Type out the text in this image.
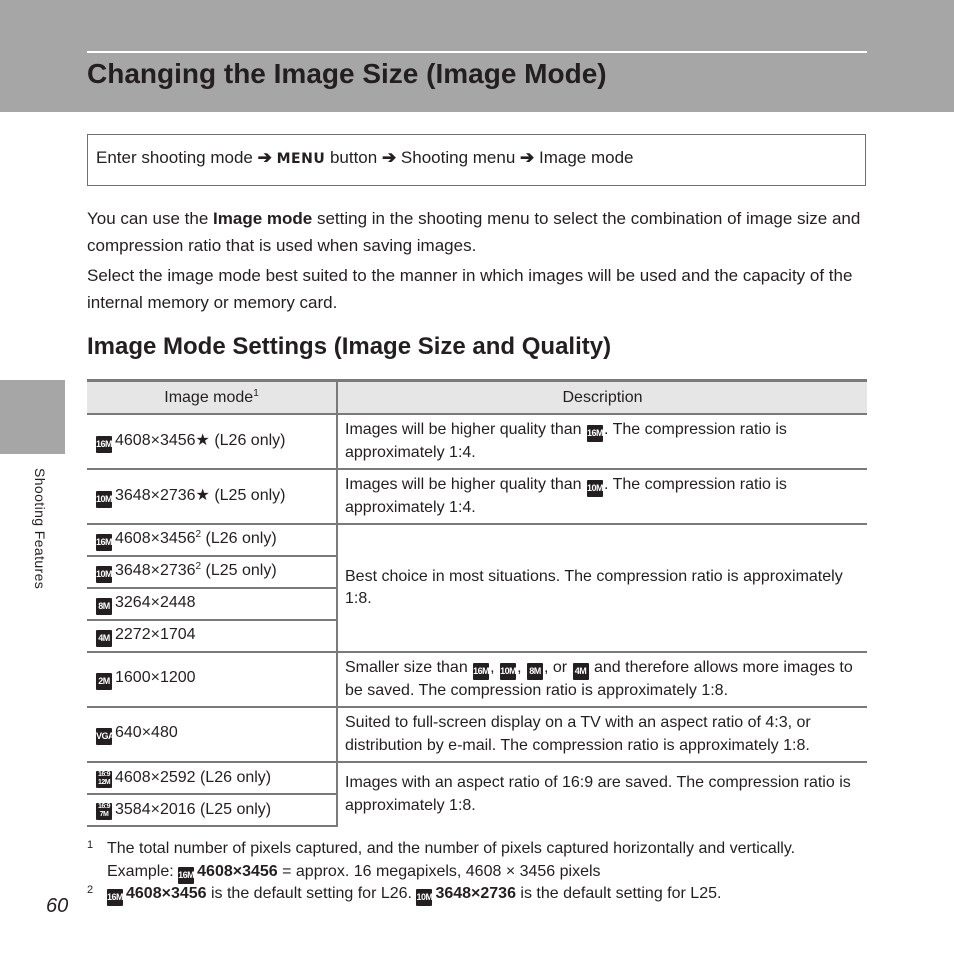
Changing the Image Size (Image Mode)
Shooting Features
Enter shooting mode ➔ MENU button ➔ Shooting menu ➔ Image mode

You can use the Image mode setting in the shooting menu to select the combination of image size and compression ratio that is used when saving images.

Select the image mode best suited to the manner in which images will be used and the capacity of the internal memory or memory card.

Image Mode Settings (Image Size and Quality)
Image mode$^1$	Description
16M★4608×3456★ (L26 only)	Images will be higher quality than 16M. The compression ratio is approximately 1:4.
10M★3648×2736★ (L25 only)	Images will be higher quality than 10M. The compression ratio is approximately 1:4.
16M $4608\times 3456^2$ (L26 only)	Best choice in most situations. The compression ratio is approximately 1:8.
10M $3648\times 2736^2$ (L25 only)	
8M 3264×2448	
4M 2272×1704	
2M 1600×1200	Smaller size than 16M, 10M, 8M , or 4M and therefore allows more images to be saved. The compression ratio is approximately 1:8.
VGA640×480	Suited to full-screen display on a TV with an aspect ratio of 4:3, or distribution by e-mail. The compression ratio is approximately 1:8.
16:9 12M 4608×2592 (L26 only)	Images with an aspect ratio of 16:9 are saved. The compression ratio is approximately 1:8.
16:9 7M 3584×2016 (L25 only)	
1 The total number of pixels captured, and the number of pixels captured horizontally and vertically.
Example: 16M 4608×3456 = approx. 16 megapixels, 4608 × 3456 pixels
2
16M 4608×3456 is the default setting for L26. 10M 3648×2736 is the default setting for L25.
60
